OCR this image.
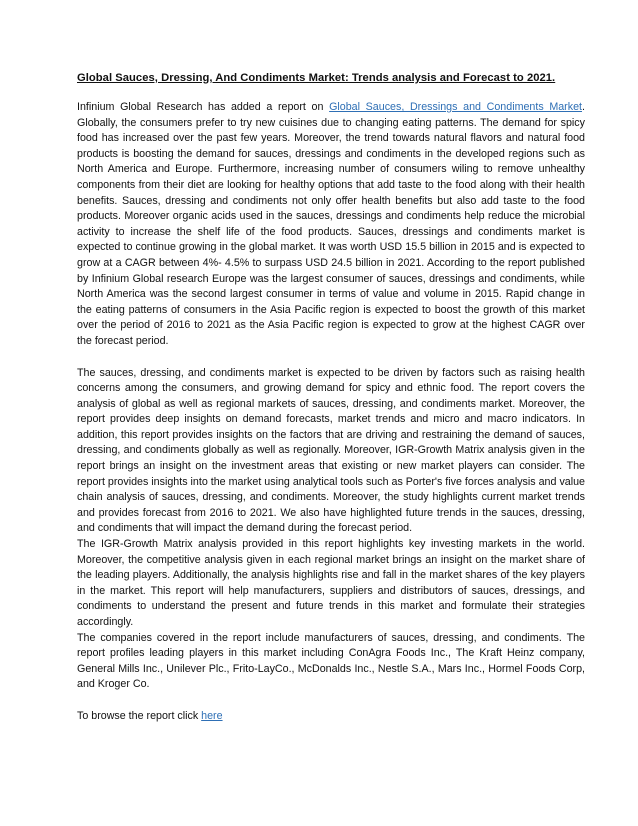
Global Sauces, Dressing, And Condiments Market: Trends analysis and Forecast to 2021.

Infinium Global Research has added a report on Global Sauces, Dressings and Condiments Market. Globally, the consumers prefer to try new cuisines due to changing eating patterns. The demand for spicy food has increased over the past few years. Moreover, the trend towards natural flavors and natural food products is boosting the demand for sauces, dressings and condiments in the developed regions such as North America and Europe. Furthermore, increasing number of consumers wiling to remove unhealthy components from their diet are looking for healthy options that add taste to the food along with their health benefits. Sauces, dressing and condiments not only offer health benefits but also add taste to the food products. Moreover organic acids used in the sauces, dressings and condiments help reduce the microbial activity to increase the shelf life of the food products. Sauces, dressings and condiments market is expected to continue growing in the global market. It was worth USD 15.5 billion in 2015 and is expected to grow at a CAGR between 4%- 4.5% to surpass USD 24.5 billion in 2021. According to the report published by Infinium Global research Europe was the largest consumer of sauces, dressings and condiments, while North America was the second largest consumer in terms of value and volume in 2015. Rapid change in the eating patterns of consumers in the Asia Pacific region is expected to boost the growth of this market over the period of 2016 to 2021 as the Asia Pacific region is expected to grow at the highest CAGR over the forecast period.

The sauces, dressing, and condiments market is expected to be driven by factors such as raising health concerns among the consumers, and growing demand for spicy and ethnic food. The report covers the analysis of global as well as regional markets of sauces, dressing, and condiments market. Moreover, the report provides deep insights on demand forecasts, market trends and micro and macro indicators. In addition, this report provides insights on the factors that are driving and restraining the demand of sauces, dressing, and condiments globally as well as regionally. Moreover, IGR-Growth Matrix analysis given in the report brings an insight on the investment areas that existing or new market players can consider. The report provides insights into the market using analytical tools such as Porter's five forces analysis and value chain analysis of sauces, dressing, and condiments. Moreover, the study highlights current market trends and provides forecast from 2016 to 2021. We also have highlighted future trends in the sauces, dressing, and condiments that will impact the demand during the forecast period.

The IGR-Growth Matrix analysis provided in this report highlights key investing markets in the world. Moreover, the competitive analysis given in each regional market brings an insight on the market share of the leading players. Additionally, the analysis highlights rise and fall in the market shares of the key players in the market. This report will help manufacturers, suppliers and distributors of sauces, dressings, and condiments to understand the present and future trends in this market and formulate their strategies accordingly.

The companies covered in the report include manufacturers of sauces, dressing, and condiments. The report profiles leading players in this market including ConAgra Foods Inc., The Kraft Heinz company, General Mills Inc., Unilever Plc., Frito-LayCo., McDonalds Inc., Nestle S.A., Mars Inc., Hormel Foods Corp, and Kroger Co.

To browse the report click here
